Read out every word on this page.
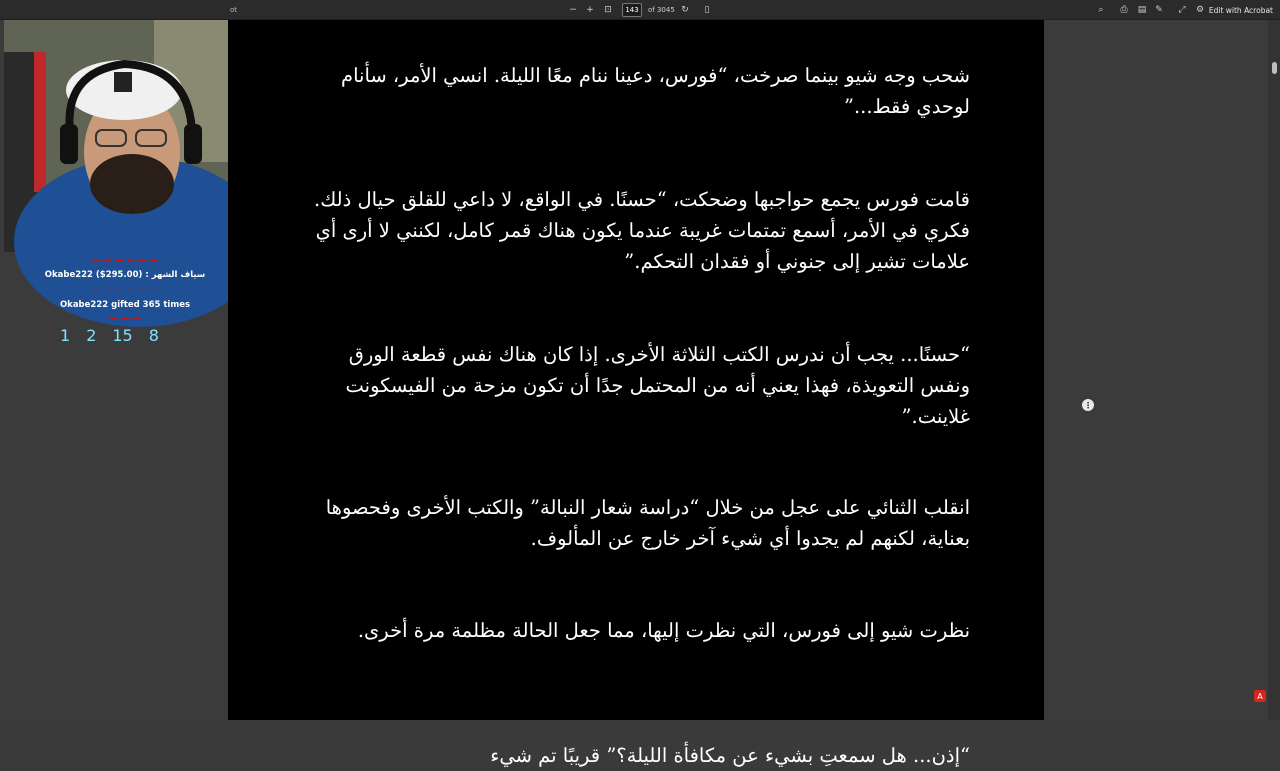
— — — — — —
Okabe222 ($295.00) : سياف الشهر
— — — — — —
Okabe222 gifted 365 times
— — —
1 2 15 8
ot	−	+	⊡	143	of 3045 ↻	▯	⌕	⎙	▤ ✎	⤢	⚙ Edit with Acrobat

شحب وجه شيو بينما صرخت، “فورس، دعينا ننام معًا الليلة. انسي الأمر، سأنام لوحدي فقط...”

قامت فورس يجمع حواجبها وضحكت، “حسنًا. في الواقع، لا داعي للقلق حيال ذلك. فكري في الأمر، أسمع تمتمات غريبة عندما يكون هناك قمر كامل، لكنني لا أرى أي علامات تشير إلى جنوني أو فقدان التحكم.”

“حسنًا... يجب أن ندرس الكتب الثلاثة الأخرى. إذا كان هناك نفس قطعة الورق ونفس التعويذة، فهذا يعني أنه من المحتمل جدًا أن تكون مزحة من الفيسكونت غلاينت.”

انقلب الثنائي على عجل من خلال “دراسة شعار النبالة” والكتب الأخرى وفحصوها بعناية، لكنهم لم يجدوا أي شيء آخر خارج عن المألوف.

نظرت شيو إلى فورس، التي نظرت إليها، مما جعل الحالة مظلمة مرة أخرى.

“إذن... هل سمعتِ بشيء عن مكافأة الليلة؟” قريبًا تم شيء

⋮
A
